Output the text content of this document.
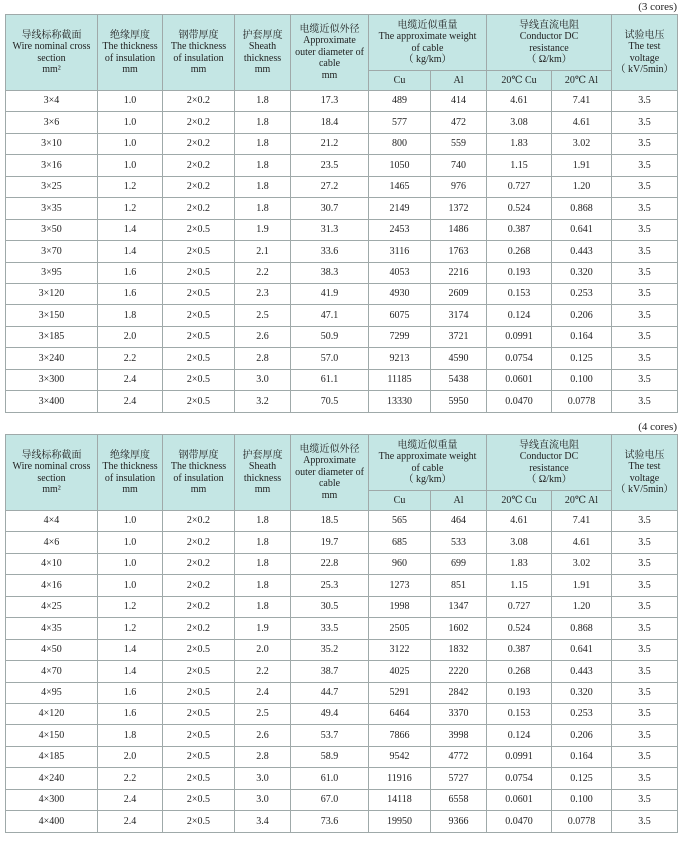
(3 cores)
导线标称截面
Wire nominal cross
section
mm²	绝缘厚度
The thickness
of insulation
mm	钢带厚度
The thickness
of insulation
mm	护套厚度
Sheath
thickness
mm	电缆近似外径
Approximate
outer diameter of
cable
mm	电缆近似重量
The approximate weight
of cable
（ kg/km）		导线直流电阻
Conductor DC
resistance
（ Ω/km）		试验电压
The test
voltage
（ kV/5min）

					Cu	Al	20℃ Cu	20℃ Al	
3×4	1.0	2×0.2	1.8	17.3	489	414	4.61	7.41	3.5
3×6	1.0	2×0.2	1.8	18.4	577	472	3.08	4.61	3.5
3×10	1.0	2×0.2	1.8	21.2	800	559	1.83	3.02	3.5
3×16	1.0	2×0.2	1.8	23.5	1050	740	1.15	1.91	3.5
3×25	1.2	2×0.2	1.8	27.2	1465	976	0.727	1.20	3.5
3×35	1.2	2×0.2	1.8	30.7	2149	1372	0.524	0.868	3.5
3×50	1.4	2×0.5	1.9	31.3	2453	1486	0.387	0.641	3.5
3×70	1.4	2×0.5	2.1	33.6	3116	1763	0.268	0.443	3.5
3×95	1.6	2×0.5	2.2	38.3	4053	2216	0.193	0.320	3.5
3×120	1.6	2×0.5	2.3	41.9	4930	2609	0.153	0.253	3.5
3×150	1.8	2×0.5	2.5	47.1	6075	3174	0.124	0.206	3.5
3×185	2.0	2×0.5	2.6	50.9	7299	3721	0.0991	0.164	3.5
3×240	2.2	2×0.5	2.8	57.0	9213	4590	0.0754	0.125	3.5
3×300	2.4	2×0.5	3.0	61.1	11185	5438	0.0601	0.100	3.5
3×400	2.4	2×0.5	3.2	70.5	13330	5950	0.0470	0.0778	3.5
(4 cores)
导线标称截面
Wire nominal cross
section
mm²	绝缘厚度
The thickness
of insulation
mm	钢带厚度
The thickness
of insulation
mm	护套厚度
Sheath
thickness
mm	电缆近似外径
Approximate
outer diameter of
cable
mm	电缆近似重量
The approximate weight
of cable
（ kg/km）		导线直流电阻
Conductor DC
resistance
（ Ω/km）		试验电压
The test
voltage
（ kV/5min）

					Cu	Al	20℃ Cu	20℃ Al	
4×4	1.0	2×0.2	1.8	18.5	565	464	4.61	7.41	3.5
4×6	1.0	2×0.2	1.8	19.7	685	533	3.08	4.61	3.5
4×10	1.0	2×0.2	1.8	22.8	960	699	1.83	3.02	3.5
4×16	1.0	2×0.2	1.8	25.3	1273	851	1.15	1.91	3.5
4×25	1.2	2×0.2	1.8	30.5	1998	1347	0.727	1.20	3.5
4×35	1.2	2×0.2	1.9	33.5	2505	1602	0.524	0.868	3.5
4×50	1.4	2×0.5	2.0	35.2	3122	1832	0.387	0.641	3.5
4×70	1.4	2×0.5	2.2	38.7	4025	2220	0.268	0.443	3.5
4×95	1.6	2×0.5	2.4	44.7	5291	2842	0.193	0.320	3.5
4×120	1.6	2×0.5	2.5	49.4	6464	3370	0.153	0.253	3.5
4×150	1.8	2×0.5	2.6	53.7	7866	3998	0.124	0.206	3.5
4×185	2.0	2×0.5	2.8	58.9	9542	4772	0.0991	0.164	3.5
4×240	2.2	2×0.5	3.0	61.0	11916	5727	0.0754	0.125	3.5
4×300	2.4	2×0.5	3.0	67.0	14118	6558	0.0601	0.100	3.5
4×400	2.4	2×0.5	3.4	73.6	19950	9366	0.0470	0.0778	3.5
